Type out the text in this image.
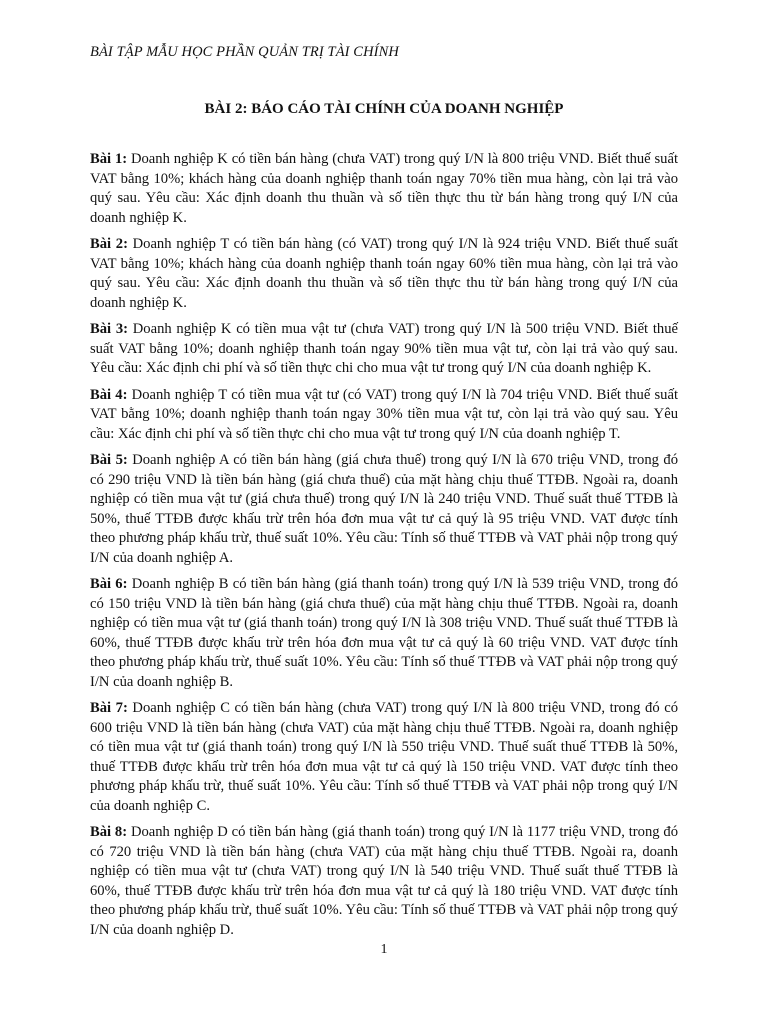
BÀI TẬP MẪU HỌC PHẦN QUẢN TRỊ TÀI CHÍNH
BÀI 2: BÁO CÁO TÀI CHÍNH CỦA DOANH NGHIỆP

Bài 1: Doanh nghiệp K có tiền bán hàng (chưa VAT) trong quý I/N là 800 triệu VND. Biết thuế suất VAT bằng 10%; khách hàng của doanh nghiệp thanh toán ngay 70% tiền mua hàng, còn lại trả vào quý sau. Yêu cầu: Xác định doanh thu thuần và số tiền thực thu từ bán hàng trong quý I/N của doanh nghiệp K.

Bài 2: Doanh nghiệp T có tiền bán hàng (có VAT) trong quý I/N là 924 triệu VND. Biết thuế suất VAT bằng 10%; khách hàng của doanh nghiệp thanh toán ngay 60% tiền mua hàng, còn lại trả vào quý sau. Yêu cầu: Xác định doanh thu thuần và số tiền thực thu từ bán hàng trong quý I/N của doanh nghiệp K.

Bài 3: Doanh nghiệp K có tiền mua vật tư (chưa VAT) trong quý I/N là 500 triệu VND. Biết thuế suất VAT bằng 10%; doanh nghiệp thanh toán ngay 90% tiền mua vật tư, còn lại trả vào quý sau. Yêu cầu: Xác định chi phí và số tiền thực chi cho mua vật tư trong quý I/N của doanh nghiệp K.

Bài 4: Doanh nghiệp T có tiền mua vật tư (có VAT) trong quý I/N là 704 triệu VND. Biết thuế suất VAT bằng 10%; doanh nghiệp thanh toán ngay 30% tiền mua vật tư, còn lại trả vào quý sau. Yêu cầu: Xác định chi phí và số tiền thực chi cho mua vật tư trong quý I/N của doanh nghiệp T.

Bài 5: Doanh nghiệp A có tiền bán hàng (giá chưa thuế) trong quý I/N là 670 triệu VND, trong đó có 290 triệu VND là tiền bán hàng (giá chưa thuế) của mặt hàng chịu thuế TTĐB. Ngoài ra, doanh nghiệp có tiền mua vật tư (giá chưa thuế) trong quý I/N là 240 triệu VND. Thuế suất thuế TTĐB là 50%, thuế TTĐB được khấu trừ trên hóa đơn mua vật tư cả quý là 95 triệu VND. VAT được tính theo phương pháp khấu trừ, thuế suất 10%. Yêu cầu: Tính số thuế TTĐB và VAT phải nộp trong quý I/N của doanh nghiệp A.

Bài 6: Doanh nghiệp B có tiền bán hàng (giá thanh toán) trong quý I/N là 539 triệu VND, trong đó có 150 triệu VND là tiền bán hàng (giá chưa thuế) của mặt hàng chịu thuế TTĐB. Ngoài ra, doanh nghiệp có tiền mua vật tư (giá thanh toán) trong quý I/N là 308 triệu VND. Thuế suất thuế TTĐB là 60%, thuế TTĐB được khấu trừ trên hóa đơn mua vật tư cả quý là 60 triệu VND. VAT được tính theo phương pháp khấu trừ, thuế suất 10%. Yêu cầu: Tính số thuế TTĐB và VAT phải nộp trong quý I/N của doanh nghiệp B.

Bài 7: Doanh nghiệp C có tiền bán hàng (chưa VAT) trong quý I/N là 800 triệu VND, trong đó có 600 triệu VND là tiền bán hàng (chưa VAT) của mặt hàng chịu thuế TTĐB. Ngoài ra, doanh nghiệp có tiền mua vật tư (giá thanh toán) trong quý I/N là 550 triệu VND. Thuế suất thuế TTĐB là 50%, thuế TTĐB được khấu trừ trên hóa đơn mua vật tư cả quý là 150 triệu VND. VAT được tính theo phương pháp khấu trừ, thuế suất 10%. Yêu cầu: Tính số thuế TTĐB và VAT phải nộp trong quý I/N của doanh nghiệp C.

Bài 8: Doanh nghiệp D có tiền bán hàng (giá thanh toán) trong quý I/N là 1177 triệu VND, trong đó có 720 triệu VND là tiền bán hàng (chưa VAT) của mặt hàng chịu thuế TTĐB. Ngoài ra, doanh nghiệp có tiền mua vật tư (chưa VAT) trong quý I/N là 540 triệu VND. Thuế suất thuế TTĐB là 60%, thuế TTĐB được khấu trừ trên hóa đơn mua vật tư cả quý là 180 triệu VND. VAT được tính theo phương pháp khấu trừ, thuế suất 10%. Yêu cầu: Tính số thuế TTĐB và VAT phải nộp trong quý I/N của doanh nghiệp D.

1
